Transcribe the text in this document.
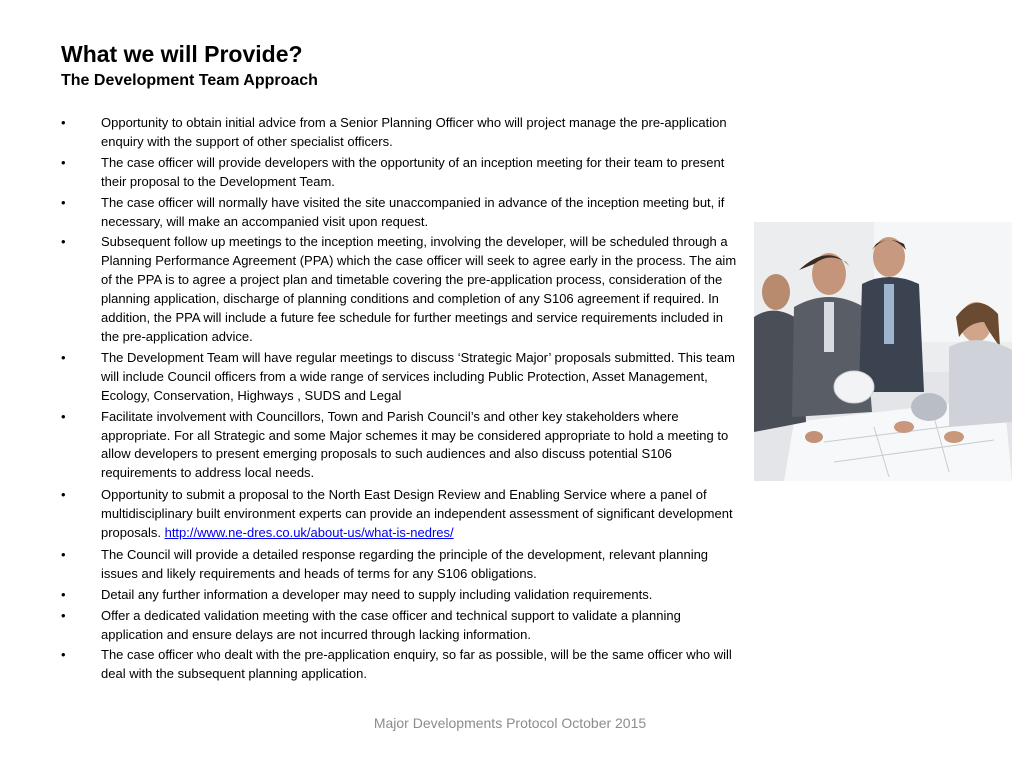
What we will Provide?
The Development Team Approach
•	Opportunity to obtain initial advice from a Senior Planning Officer who will project manage the pre-application enquiry with the support of other specialist officers.
•	The case officer will provide developers with the opportunity of an inception meeting for their team to present their proposal to the Development Team.
•	The case officer will normally have visited the site unaccompanied in advance of the inception meeting but, if necessary, will make an accompanied visit upon request.
•	Subsequent follow up meetings to the inception meeting, involving the developer, will be scheduled through a Planning Performance Agreement (PPA) which the case officer will seek to agree early in the process. The aim of the PPA is to agree a project plan and timetable covering the pre-application process, consideration of the planning application, discharge of planning conditions and completion of any S106 agreement if required. In addition, the PPA will include a future fee schedule for further meetings and service requirements included in the pre-application advice.
•	The Development Team will have regular meetings to discuss ‘Strategic Major’ proposals submitted. This team will include Council officers from a wide range of services including Public Protection, Asset Management, Ecology, Conservation, Highways , SUDS and Legal
•	Facilitate involvement with Councillors, Town and Parish Council’s and other key stakeholders where appropriate. For all Strategic and some Major schemes it may be considered appropriate to hold a meeting to allow developers to present emerging proposals to such audiences and also discuss potential S106 requirements to address local needs.
•	Opportunity to submit a proposal to the North East Design Review and Enabling Service where a panel of multidisciplinary built environment experts can provide an independent assessment of significant development proposals. http://www.ne-dres.co.uk/about-us/what-is-nedres/
•	The Council will provide a detailed response regarding the principle of the development, relevant planning issues and likely requirements and heads of terms for any S106 obligations.
•	Detail any further information a developer may need to supply including validation requirements.
•	Offer a dedicated validation meeting with the case officer and technical support to validate a planning application and ensure delays are not incurred through lacking information.
•	The case officer who dealt with the pre-application enquiry, so far as possible, will be the same officer who will deal with the subsequent planning application.
Major Developments Protocol October 2015
